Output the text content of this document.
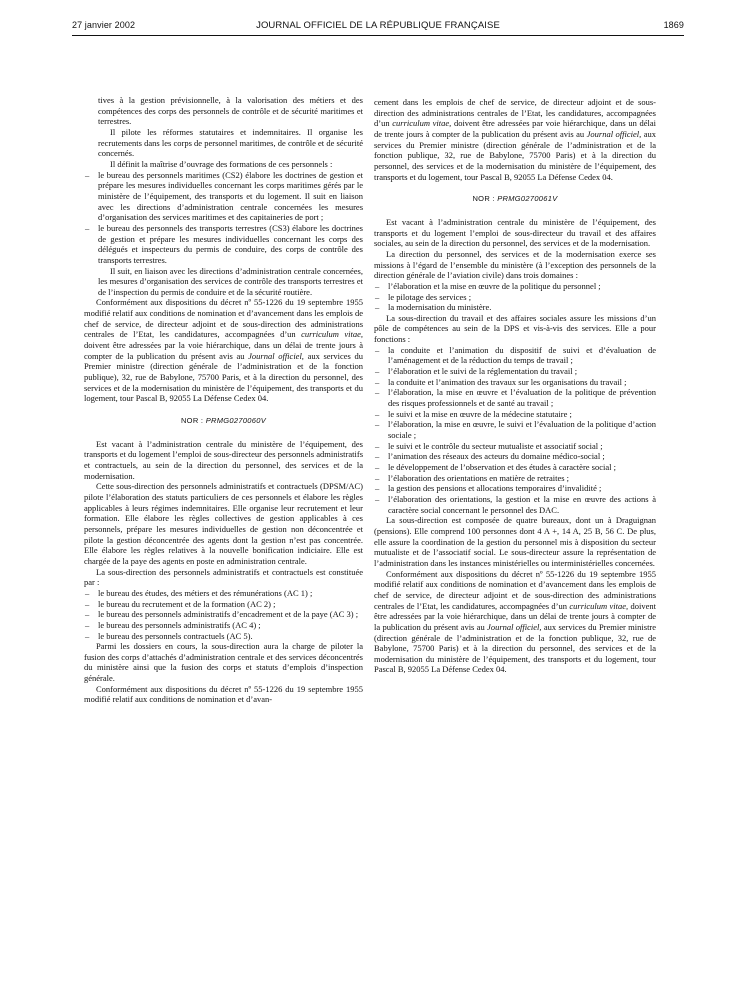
27 janvier 2002	JOURNAL OFFICIEL DE LA RÉPUBLIQUE FRANÇAISE	1869

tives à la gestion prévisionnelle, à la valorisation des métiers et des compétences des corps des personnels de contrôle et de sécurité maritimes et terrestres.

Il pilote les réformes statutaires et indemnitaires. Il organise les recrutements dans les corps de personnel maritimes, de contrôle et de sécurité concernés.

Il définit la maîtrise d’ouvrage des formations de ces personnels :

– le bureau des personnels maritimes (CS2) élabore les doctrines de gestion et prépare les mesures individuelles concernant les corps maritimes gérés par le ministère de l’équipement, des transports et du logement. Il suit en liaison avec les directions d’administration centrale concernées les mesures d’organisation des services maritimes et des capitaineries de port ;

– le bureau des personnels des transports terrestres (CS3) élabore les doctrines de gestion et prépare les mesures individuelles concernant les corps des délégués et inspecteurs du permis de conduire, des corps de contrôle des transports terrestres.

Il suit, en liaison avec les directions d’administration centrale concernées, les mesures d’organisation des services de contrôle des transports terrestres et de l’inspection du permis de conduire et de la sécurité routière.

Conformément aux dispositions du décret nº 55-1226 du 19 septembre 1955 modifié relatif aux conditions de nomination et d’avancement dans les emplois de chef de service, de directeur adjoint et de sous-direction des administrations centrales de l’Etat, les candidatures, accompagnées d’un curriculum vitae, doivent être adressées par la voie hiérarchique, dans un délai de trente jours à compter de la publication du présent avis au Journal officiel, aux services du Premier ministre (direction générale de l’administration et de la fonction publique), 32, rue de Babylone, 75700 Paris, et à la direction du personnel, des services et de la modernisation du ministère de l’équipement, des transports et du logement, tour Pascal B, 92055 La Défense Cedex 04.

NOR : PRMG0270060V

Est vacant à l’administration centrale du ministère de l’équipement, des transports et du logement l’emploi de sous-directeur des personnels administratifs et contractuels, au sein de la direction du personnel, des services et de la modernisation.

Cette sous-direction des personnels administratifs et contractuels (DPSM/AC) pilote l’élaboration des statuts particuliers de ces personnels et élabore les règles applicables à leurs régimes indemnitaires. Elle organise leur recrutement et leur formation. Elle élabore les règles collectives de gestion applicables à ces personnels, prépare les mesures individuelles de gestion non déconcentrée et pilote la gestion déconcentrée des agents dont la gestion n’est pas concentrée. Elle élabore les règles relatives à la nouvelle bonification indiciaire. Elle est chargée de la paye des agents en poste en administration centrale.

La sous-direction des personnels administratifs et contractuels est constituée par :

– le bureau des études, des métiers et des rémunérations (AC 1) ;

– le bureau du recrutement et de la formation (AC 2) ;

– le bureau des personnels administratifs d’encadrement et de la paye (AC 3) ;

– le bureau des personnels administratifs (AC 4) ;

– le bureau des personnels contractuels (AC 5).

Parmi les dossiers en cours, la sous-direction aura la charge de piloter la fusion des corps d’attachés d’administration centrale et des services déconcentrés du ministère ainsi que la fusion des corps et statuts d’emplois d’inspection générale.

Conformément aux dispositions du décret nº 55-1226 du 19 septembre 1955 modifié relatif aux conditions de nomination et d’avan-

cement dans les emplois de chef de service, de directeur adjoint et de sous-direction des administrations centrales de l’Etat, les candidatures, accompagnées d’un curriculum vitae, doivent être adressées par voie hiérarchique, dans un délai de trente jours à compter de la publication du présent avis au Journal officiel, aux services du Premier ministre (direction générale de l’administration et de la fonction publique, 32, rue de Babylone, 75700 Paris) et à la direction du personnel, des services et de la modernisation du ministère de l’équipement, des transports et du logement, tour Pascal B, 92055 La Défense Cedex 04.

NOR : PRMG0270061V

Est vacant à l’administration centrale du ministère de l’équipement, des transports et du logement l’emploi de sous-directeur du travail et des affaires sociales, au sein de la direction du personnel, des services et de la modernisation.

La direction du personnel, des services et de la modernisation exerce ses missions à l’égard de l’ensemble du ministère (à l’exception des personnels de la direction générale de l’aviation civile) dans trois domaines :

– l’élaboration et la mise en œuvre de la politique du personnel ;

– le pilotage des services ;

– la modernisation du ministère.

La sous-direction du travail et des affaires sociales assure les missions d’un pôle de compétences au sein de la DPS et vis-à-vis des services. Elle a pour fonctions :

– la conduite et l’animation du dispositif de suivi et d’évaluation de l’aménagement et de la réduction du temps de travail ;

– l’élaboration et le suivi de la réglementation du travail ;

– la conduite et l’animation des travaux sur les organisations du travail ;

– l’élaboration, la mise en œuvre et l’évaluation de la politique de prévention des risques professionnels et de santé au travail ;

– le suivi et la mise en œuvre de la médecine statutaire ;

– l’élaboration, la mise en œuvre, le suivi et l’évaluation de la politique d’action sociale ;

– le suivi et le contrôle du secteur mutualiste et associatif social ;

– l’animation des réseaux des acteurs du domaine médico-social ;

– le développement de l’observation et des études à caractère social ;

– l’élaboration des orientations en matière de retraites ;

– la gestion des pensions et allocations temporaires d’invalidité ;

– l’élaboration des orientations, la gestion et la mise en œuvre des actions à caractère social concernant le personnel des DAC.

La sous-direction est composée de quatre bureaux, dont un à Draguignan (pensions). Elle comprend 100 personnes dont 4 A +, 14 A, 25 B, 56 C. De plus, elle assure la coordination de la gestion du personnel mis à disposition du secteur mutualiste et de l’associatif social. Le sous-directeur assure la représentation de l’administration dans les instances ministérielles ou interministérielles concernées.

Conformément aux dispositions du décret nº 55-1226 du 19 septembre 1955 modifié relatif aux conditions de nomination et d’avancement dans les emplois de chef de service, de directeur adjoint et de sous-direction des administrations centrales de l’Etat, les candidatures, accompagnées d’un curriculum vitae, doivent être adressées par la voie hiérarchique, dans un délai de trente jours à compter de la publication du présent avis au Journal officiel, aux services du Premier ministre (direction générale de l’administration et de la fonction publique, 32, rue de Babylone, 75700 Paris) et à la direction du personnel, des services et de la modernisation du ministère de l’équipement, des transports et du logement, tour Pascal B, 92055 La Défense Cedex 04.
